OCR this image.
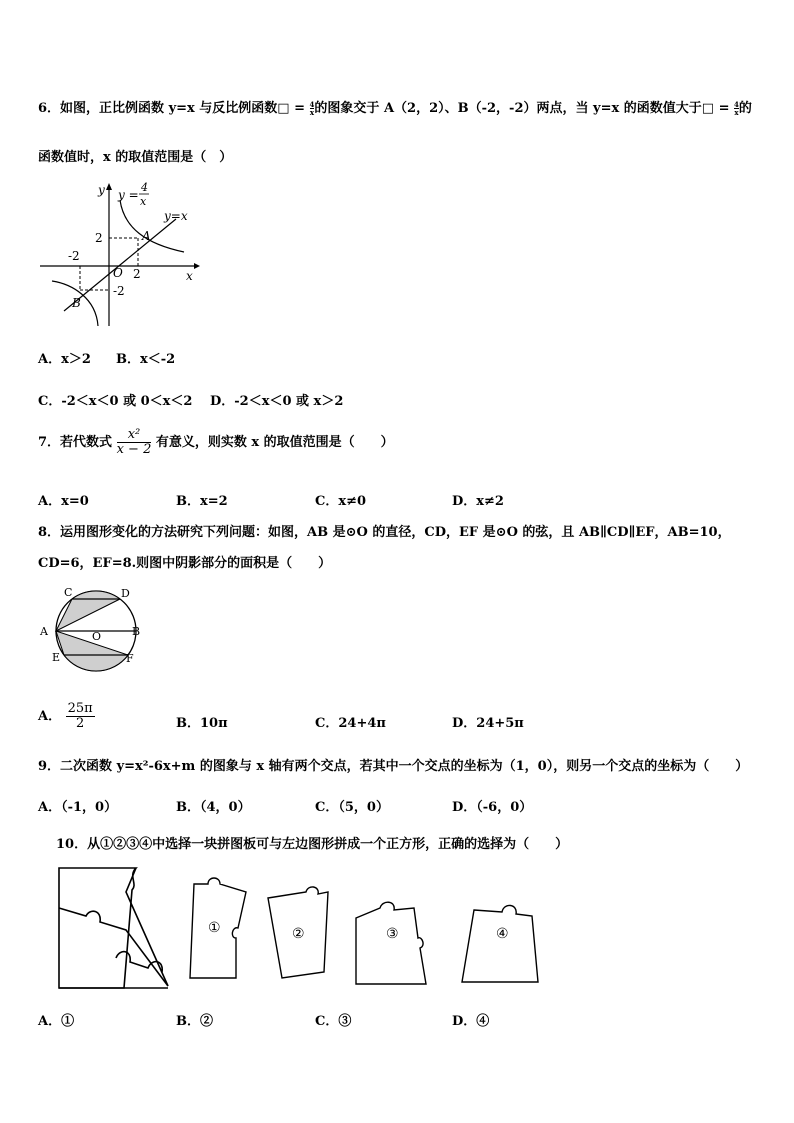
6．如图，正比例函数 y=x 与反比例函数□ = $\frac{4}{x}$的图象交于 A（2，2）、B（-2，-2）两点，当 y=x 的函数值大于□ = $\frac{4}{x}$的
函数值时，x 的取值范围是（　）
y
x
y =
4
x
y=x
2
-2
O 2
-2
A
B
A．x＞2 B．x＜-2
C．-2＜x＜0 或 0＜x＜2 D．-2＜x＜0 或 x＞2
7．若代数式 $\frac{\text{x²}}{x - 2}$ 有意义，则实数 x 的取值范围是（　　）
A．x=0	B．x=2	C．x≠0	D．x≠2
8．运用图形变化的方法研究下列问题：如图，AB 是⊙O 的直径，CD，EF 是⊙O 的弦，且 AB∥CD∥EF，AB=10，
CD=6，EF=8.则图中阴影部分的面积是（　　）
C	D
A	O	B
E	F
A． $\frac{25\pi}{2}$	B．10π	C．24+4π	D．24+5π
9．二次函数 y=x²-6x+m 的图象与 x 轴有两个交点，若其中一个交点的坐标为（1，0），则另一个交点的坐标为（　　）
A．（-1，0）	B．（4，0）	C．（5，0）	D．（-6，0）
10．从①②③④中选择一块拼图板可与左边图形拼成一个正方形，正确的选择为（　　）
①	②	③	④
A．①	B．②	C．③	D．④
